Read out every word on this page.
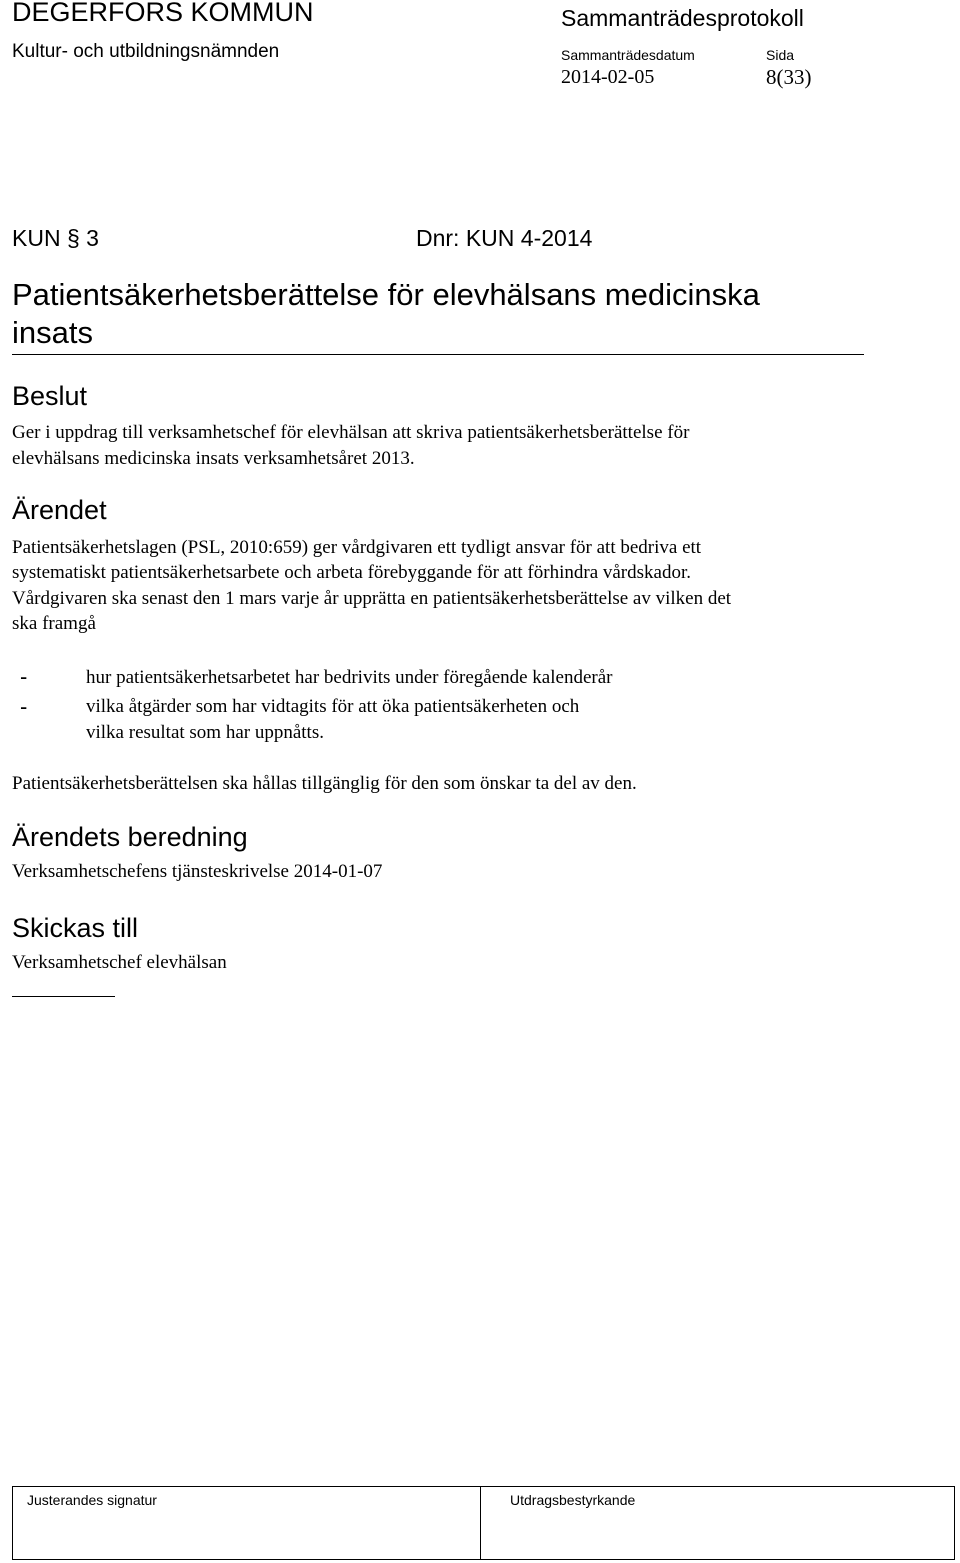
DEGERFORS KOMMUN
Kultur- och utbildningsnämnden
Sammanträdesprotokoll
Sammanträdesdatum	Sida
2014-02-05	8(33)
KUN § 3	Dnr: KUN 4-2014
Patientsäkerhetsberättelse för elevhälsans medicinska
insats
Beslut
Ger i uppdrag till verksamhetschef för elevhälsan att skriva patientsäkerhetsberättelse för
elevhälsans medicinska insats verksamhetsåret 2013.
Ärendet
Patientsäkerhetslagen (PSL, 2010:659) ger vårdgivaren ett tydligt ansvar för att bedriva ett
systematiskt patientsäkerhetsarbete och arbeta förebyggande för att förhindra vårdskador.
Vårdgivaren ska senast den 1 mars varje år upprätta en patientsäkerhetsberättelse av vilken det
ska framgå
-	hur patientsäkerhetsarbetet har bedrivits under föregående kalenderår
-	vilka åtgärder som har vidtagits för att öka patientsäkerheten och
vilka resultat som har uppnåtts.
Patientsäkerhetsberättelsen ska hållas tillgänglig för den som önskar ta del av den.
Ärendets beredning
Verksamhetschefens tjänsteskrivelse 2014-01-07
Skickas till
Verksamhetschef elevhälsan
Justerandes signatur	Utdragsbestyrkande
